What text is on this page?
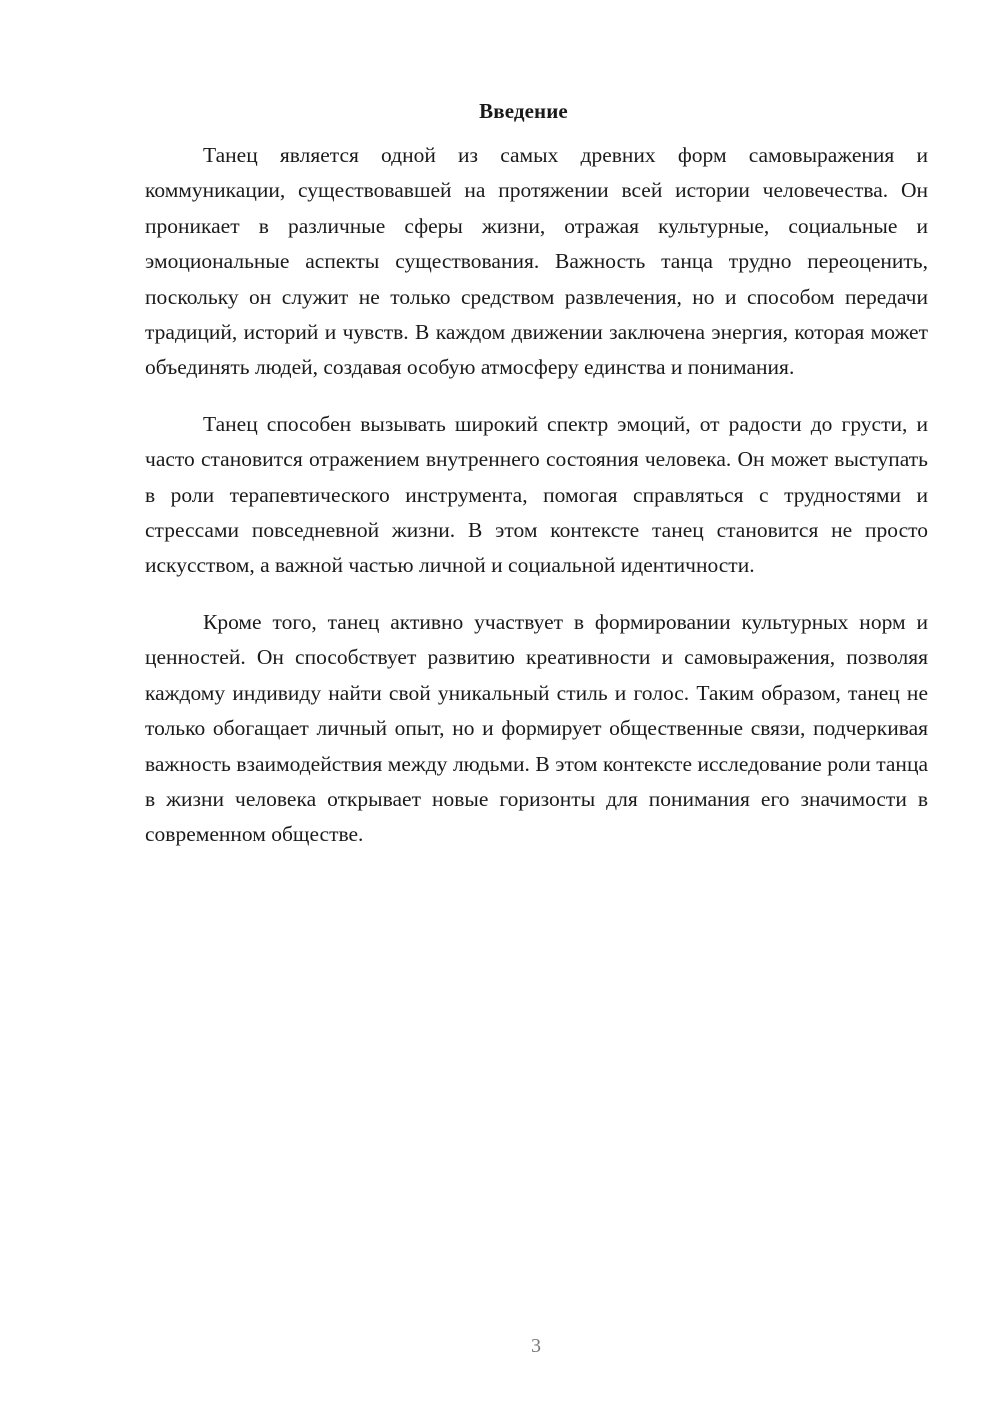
Введение

Танец является одной из самых древних форм самовыражения и коммуникации, существовавшей на протяжении всей истории человечества. Он проникает в различные сферы жизни, отражая культурные, социальные и эмоциональные аспекты существования. Важность танца трудно переоценить, поскольку он служит не только средством развлечения, но и способом передачи традиций, историй и чувств. В каждом движении заключена энергия, которая может объединять людей, создавая особую атмосферу единства и понимания.

Танец способен вызывать широкий спектр эмоций, от радости до грусти, и часто становится отражением внутреннего состояния человека. Он может выступать в роли терапевтического инструмента, помогая справляться с трудностями и стрессами повседневной жизни. В этом контексте танец становится не просто искусством, а важной частью личной и социальной идентичности.

Кроме того, танец активно участвует в формировании культурных норм и ценностей. Он способствует развитию креативности и самовыражения, позволяя каждому индивиду найти свой уникальный стиль и голос. Таким образом, танец не только обогащает личный опыт, но и формирует общественные связи, подчеркивая важность взаимодействия между людьми. В этом контексте исследование роли танца в жизни человека открывает новые горизонты для понимания его значимости в современном обществе.

3
